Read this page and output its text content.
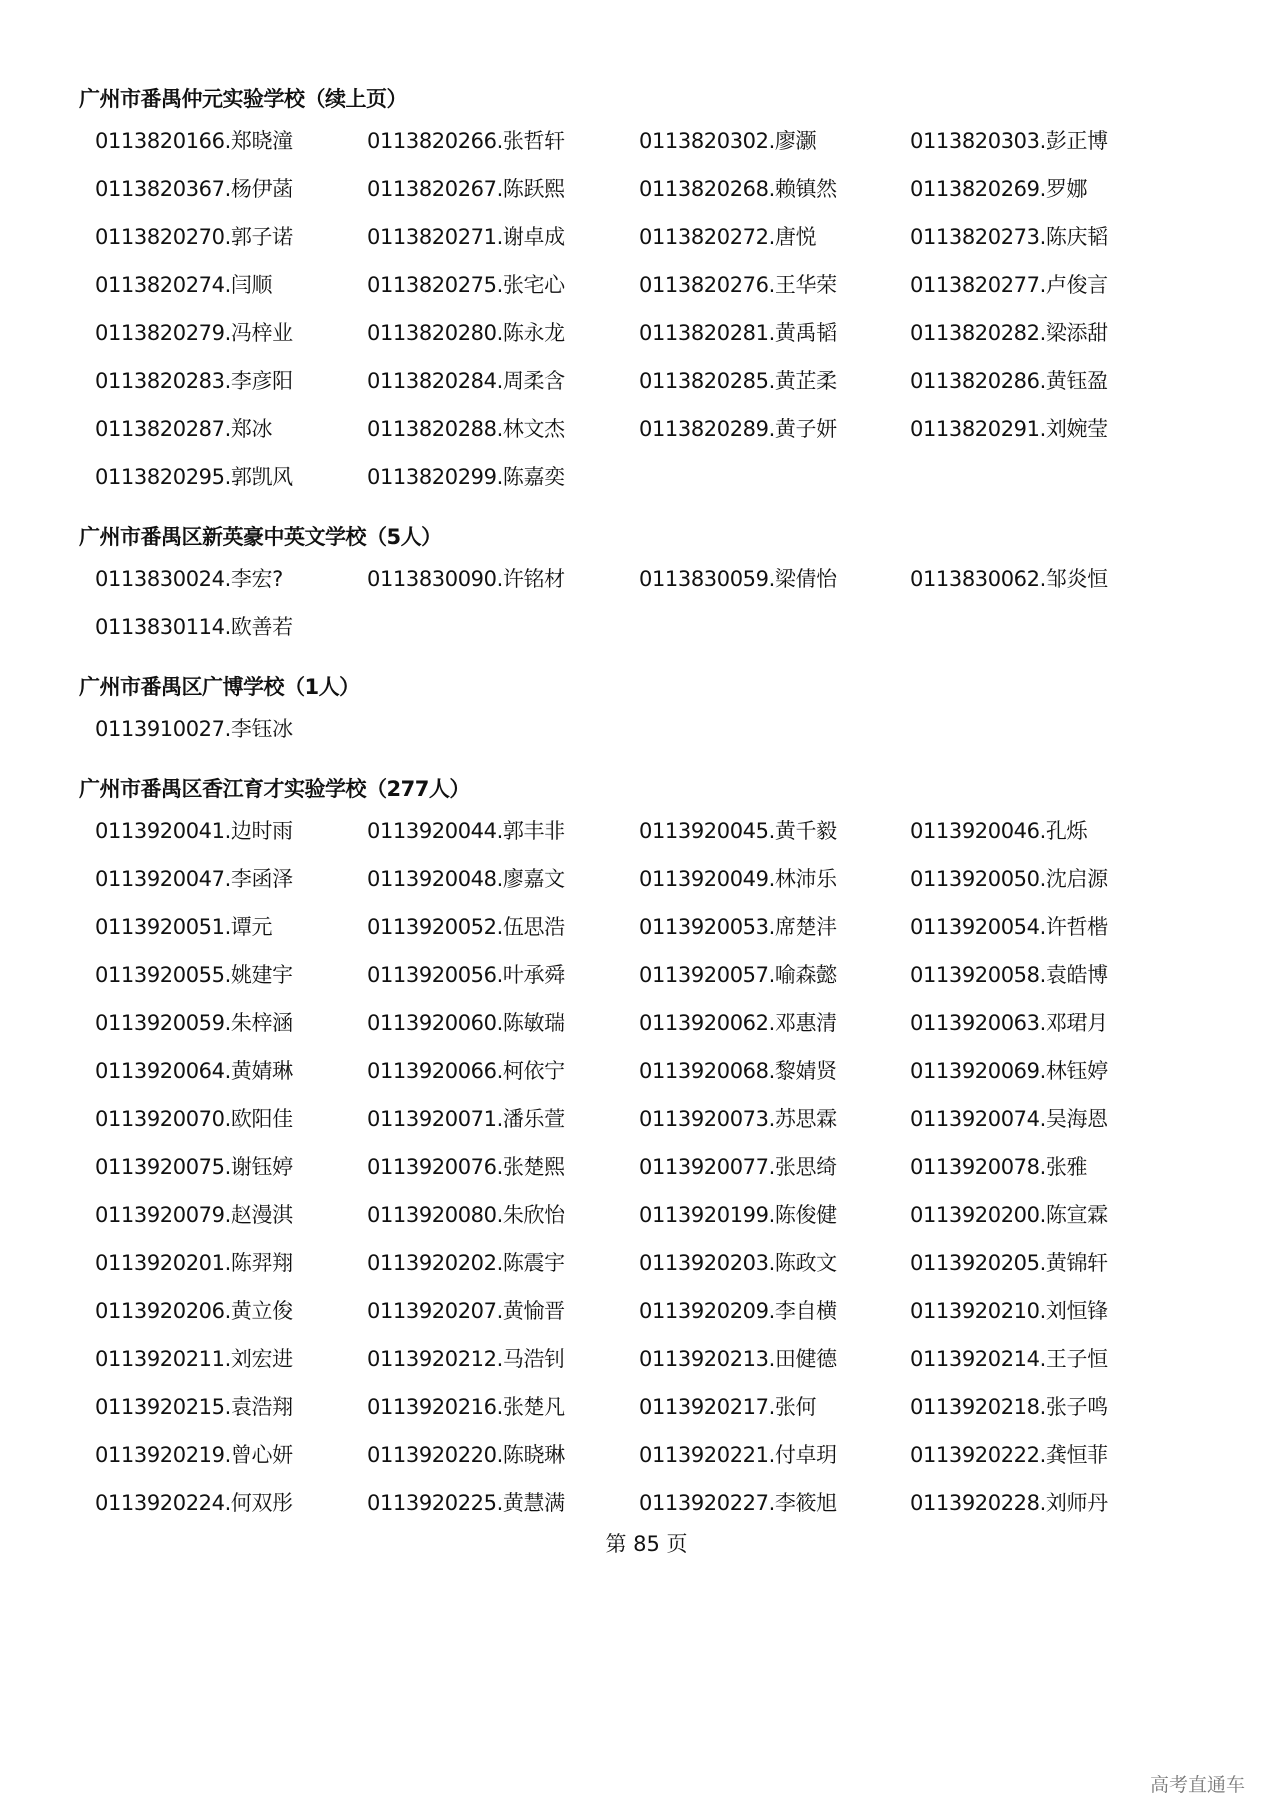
广州市番禺仲元实验学校（续上页）
0113820166.郑晓潼	0113820266.张哲轩	0113820302.廖灏	0113820303.彭正博
0113820367.杨伊菡	0113820267.陈跃熙	0113820268.赖镇然	0113820269.罗娜
0113820270.郭子诺	0113820271.谢卓成	0113820272.唐悦	0113820273.陈庆韬
0113820274.闫顺	0113820275.张宅心	0113820276.王华荣	0113820277.卢俊言
0113820279.冯梓业	0113820280.陈永龙	0113820281.黄禹韬	0113820282.梁添甜
0113820283.李彦阳	0113820284.周柔含	0113820285.黄芷柔	0113820286.黄钰盈
0113820287.郑冰	0113820288.林文杰	0113820289.黄子妍	0113820291.刘婉莹
0113820295.郭凯风	0113820299.陈嘉奕
广州市番禺区新英豪中英文学校（5人）
0113830024.李宏?	0113830090.许铭材	0113830059.梁倩怡	0113830062.邹炎恒
0113830114.欧善若
广州市番禺区广博学校（1人）
0113910027.李钰冰
广州市番禺区香江育才实验学校（277人）
0113920041.边时雨	0113920044.郭丰非	0113920045.黄千毅	0113920046.孔烁
0113920047.李函泽	0113920048.廖嘉文	0113920049.林沛乐	0113920050.沈启源
0113920051.谭元	0113920052.伍思浩	0113920053.席楚沣	0113920054.许哲楷
0113920055.姚建宇	0113920056.叶承舜	0113920057.喻森懿	0113920058.袁皓博
0113920059.朱梓涵	0113920060.陈敏瑞	0113920062.邓惠清	0113920063.邓珺月
0113920064.黄婧琳	0113920066.柯依宁	0113920068.黎婧贤	0113920069.林钰婷
0113920070.欧阳佳	0113920071.潘乐萱	0113920073.苏思霖	0113920074.吴海恩
0113920075.谢钰婷	0113920076.张楚熙	0113920077.张思绮	0113920078.张雅
0113920079.赵漫淇	0113920080.朱欣怡	0113920199.陈俊健	0113920200.陈宣霖
0113920201.陈羿翔	0113920202.陈震宇	0113920203.陈政文	0113920205.黄锦轩
0113920206.黄立俊	0113920207.黄愉晋	0113920209.李自横	0113920210.刘恒锋
0113920211.刘宏进	0113920212.马浩钊	0113920213.田健德	0113920214.王子恒
0113920215.袁浩翔	0113920216.张楚凡	0113920217.张何	0113920218.张子鸣
0113920219.曾心妍	0113920220.陈晓琳	0113920221.付卓玥	0113920222.龚恒菲
0113920224.何双彤	0113920225.黄慧满	0113920227.李筱旭	0113920228.刘师丹
第 85 页
高考直通车
